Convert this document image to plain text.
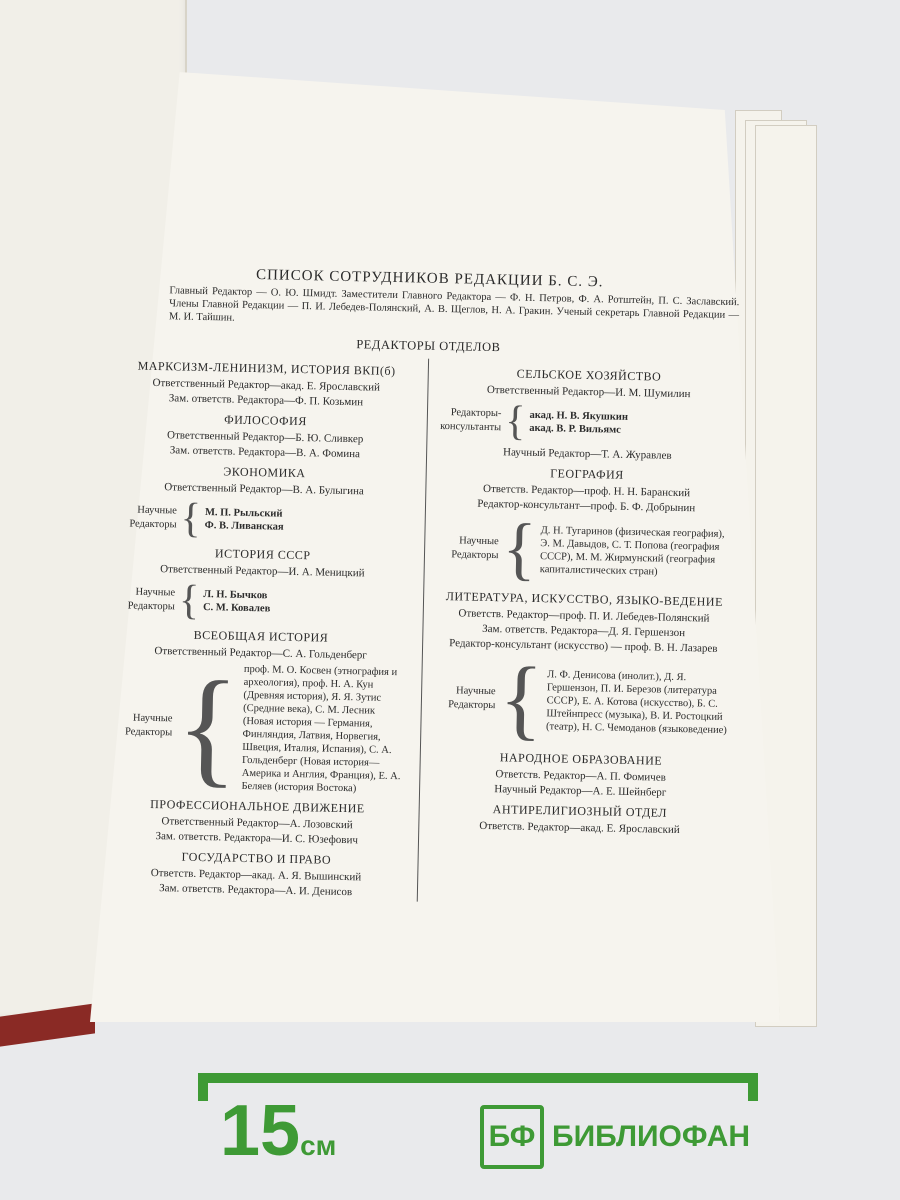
СПИСОК СОТРУДНИКОВ РЕДАКЦИИ Б. С. Э.
Главный Редактор — О. Ю. Шмидт. Заместители Главного Редактора — Ф. Н. Петров, Ф. А. Ротштейн, П. С. Заславский. Члены Главной Редакции — П. И. Лебедев-Полянский, А. В. Щеглов, Н. А. Гракин. Ученый секретарь Главной Редакции — М. И. Тайшин.
РЕДАКТОРЫ ОТДЕЛОВ
МАРКСИЗМ-ЛЕНИНИЗМ, ИСТОРИЯ ВКП(б)
Ответственный Редактор—акад. Е. Ярославский
Зам. ответств. Редактора—Ф. П. Козьмин
ФИЛОСОФИЯ
Ответственный Редактор—Б. Ю. Сливкер
Зам. ответств. Редактора—В. А. Фомина
ЭКОНОМИКА
Ответственный Редактор—В. А. Булыгина
Научные Редакторы { М. П. Рыльский
Ф. В. Ливанская
ИСТОРИЯ СССР
Ответственный Редактор—И. А. Меницкий
Научные Редакторы { Л. Н. Бычков
С. М. Ковалев
ВСЕОБЩАЯ ИСТОРИЯ
Ответственный Редактор—С. А. Гольденберг
Научные Редакторы { проф. М. О. Косвен (этнография и археология), проф. Н. А. Кун (Древняя история), Я. Я. Зутис (Средние века), С. М. Лесник (Новая история — Германия, Финляндия, Латвия, Норвегия, Швеция, Италия, Испания), С. А. Гольденберг (Новая история—Америка и Англия, Франция), Е. А. Беляев (история Востока)
ПРОФЕССИОНАЛЬНОЕ ДВИЖЕНИЕ
Ответственный Редактор—А. Лозовский
Зам. ответств. Редактора—И. С. Юзефович
ГОСУДАРСТВО И ПРАВО
Ответств. Редактор—акад. А. Я. Вышинский
Зам. ответств. Редактора—А. И. Денисов
СЕЛЬСКОЕ ХОЗЯЙСТВО
Ответственный Редактор—И. М. Шумилин
Редакторы-консультанты { акад. Н. В. Якушкин
акад. В. Р. Вильямс
Научный Редактор—Т. А. Журавлев
ГЕОГРАФИЯ
Ответств. Редактор—проф. Н. Н. Баранский
Редактор-консультант—проф. Б. Ф. Добрынин
Научные Редакторы { Д. Н. Тугаринов (физическая география), Э. М. Давыдов, С. Т. Попова (география СССР), М. М. Жирмунский (география капиталистических стран)
ЛИТЕРАТУРА, ИСКУССТВО, ЯЗЫКО-ВЕДЕНИЕ
Ответств. Редактор—проф. П. И. Лебедев-Полянский
Зам. ответств. Редактора—Д. Я. Гершензон
Редактор-консультант (искусство) — проф. В. Н. Лазарев
Научные Редакторы { Л. Ф. Денисова (инолит.), Д. Я. Гершензон, П. И. Березов (литература СССР), Е. А. Котова (искусство), Б. С. Штейнпресс (музыка), В. И. Ростоцкий (театр), Н. С. Чемоданов (языковедение)
НАРОДНОЕ ОБРАЗОВАНИЕ
Ответств. Редактор—А. П. Фомичев
Научный Редактор—А. Е. Шейнберг
АНТИРЕЛИГИОЗНЫЙ ОТДЕЛ
Ответств. Редактор—акад. Е. Ярославский
15см	БФ БИБЛИОФАН
